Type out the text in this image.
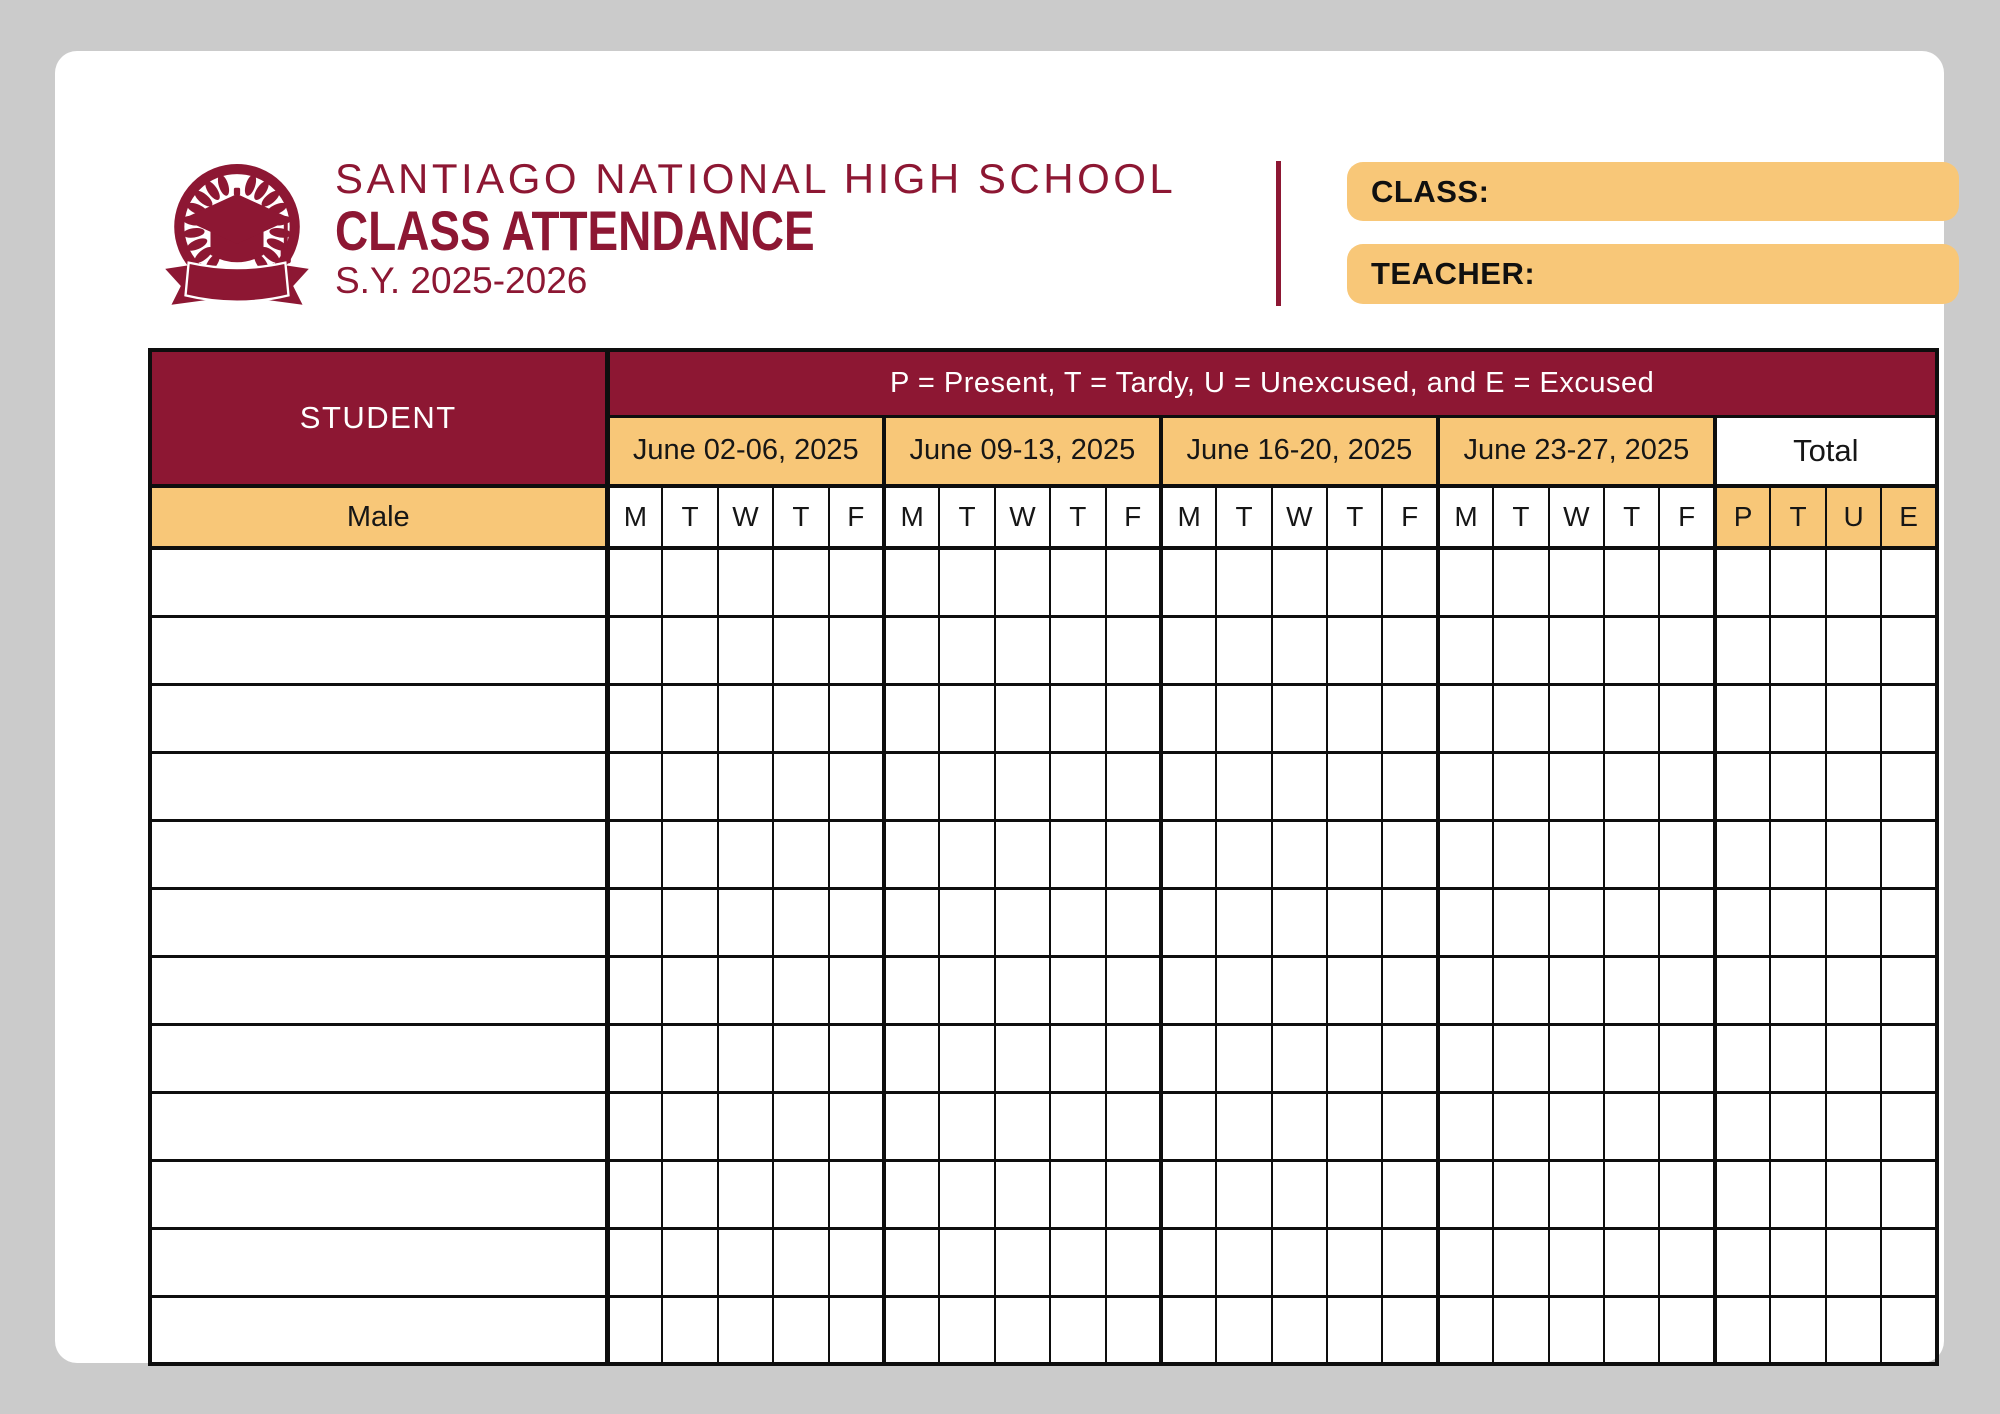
SANTIAGO NATIONAL HIGH SCHOOL
CLASS ATTENDANCE
S.Y. 2025-2026
CLASS:
TEACHER:
STUDENT	P = Present, T = Tardy, U = Unexcused, and E = Excused																							
	June 02-06, 2025					June 09-13, 2025					June 16-20, 2025					June 23-27, 2025					Total			
Male	M	T	W	T	F	M	T	W	T	F	M	T	W	T	F	M	T	W	T	F	P	T	U	E
